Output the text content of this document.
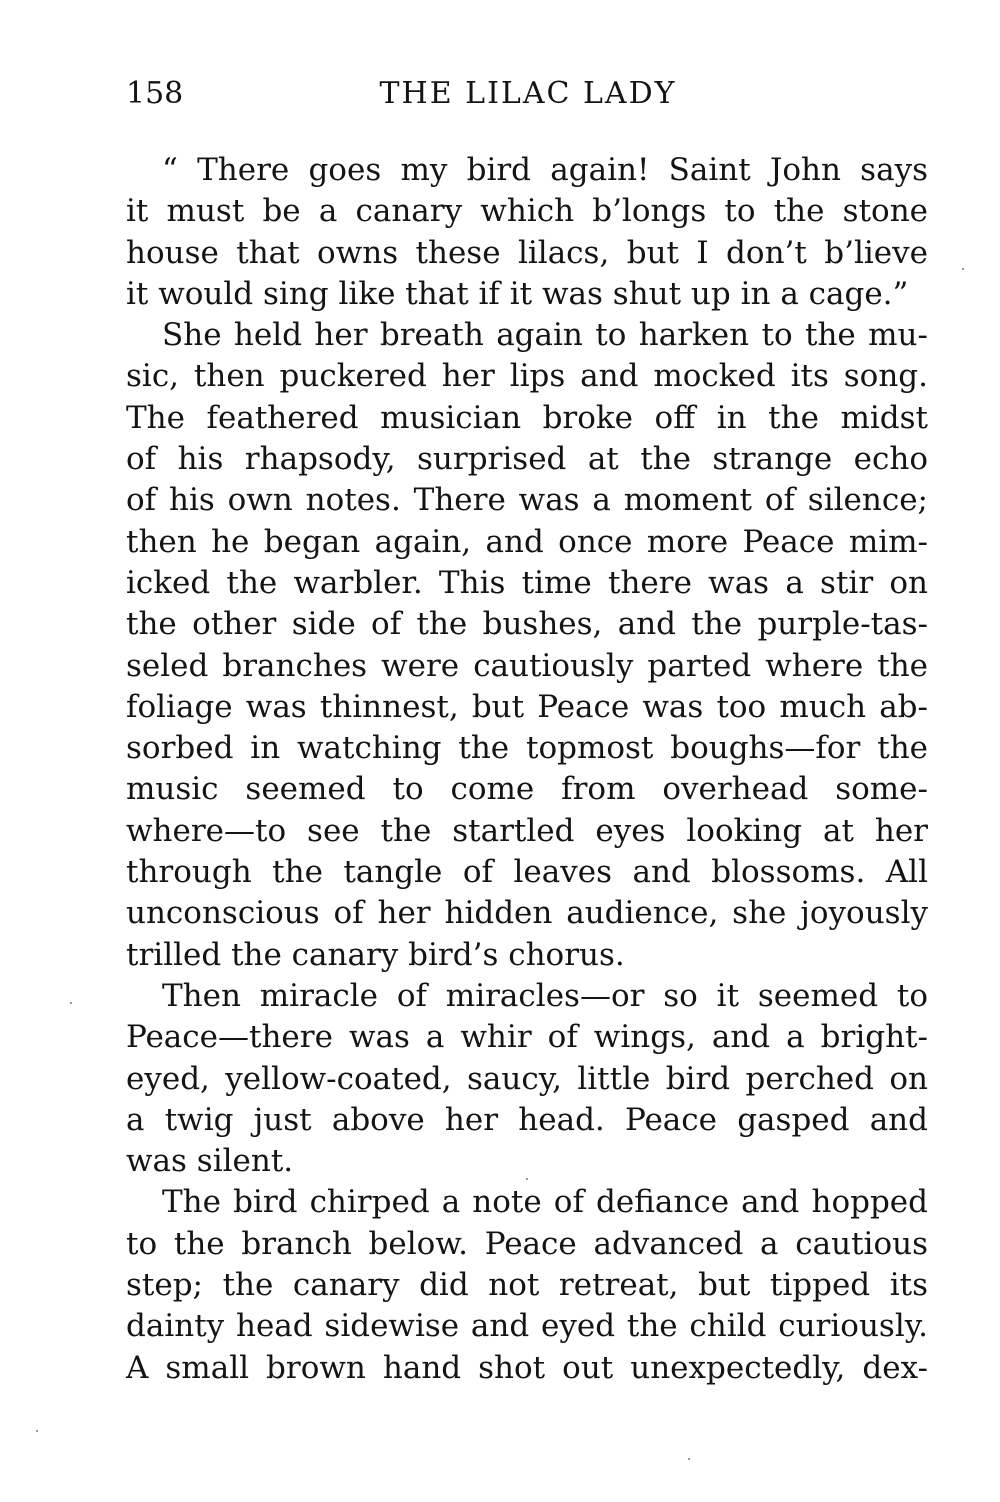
158	THE LILAC LADY
“ There goes my bird again! Saint John says
it must be a canary which b’longs to the stone
house that owns these lilacs, but I don’t b’lieve
it would sing like that if it was shut up in a cage.”
She held her breath again to harken to the mu-
sic, then puckered her lips and mocked its song.
The feathered musician broke off in the midst
of his rhapsody, surprised at the strange echo
of his own notes. There was a moment of silence;
then he began again, and once more Peace mim-
icked the warbler. This time there was a stir on
the other side of the bushes, and the purple-tas-
seled branches were cautiously parted where the
foliage was thinnest, but Peace was too much ab-
sorbed in watching the topmost boughs—for the
music seemed to come from overhead some-
where—to see the startled eyes looking at her
through the tangle of leaves and blossoms. All
unconscious of her hidden audience, she joyously
trilled the canary bird’s chorus.
Then miracle of miracles—or so it seemed to
Peace—there was a whir of wings, and a bright-
eyed, yellow-coated, saucy, little bird perched on
a twig just above her head. Peace gasped and
was silent.
The bird chirped a note of defiance and hopped
to the branch below. Peace advanced a cautious
step; the canary did not retreat, but tipped its
dainty head sidewise and eyed the child curiously.
A small brown hand shot out unexpectedly, dex-
